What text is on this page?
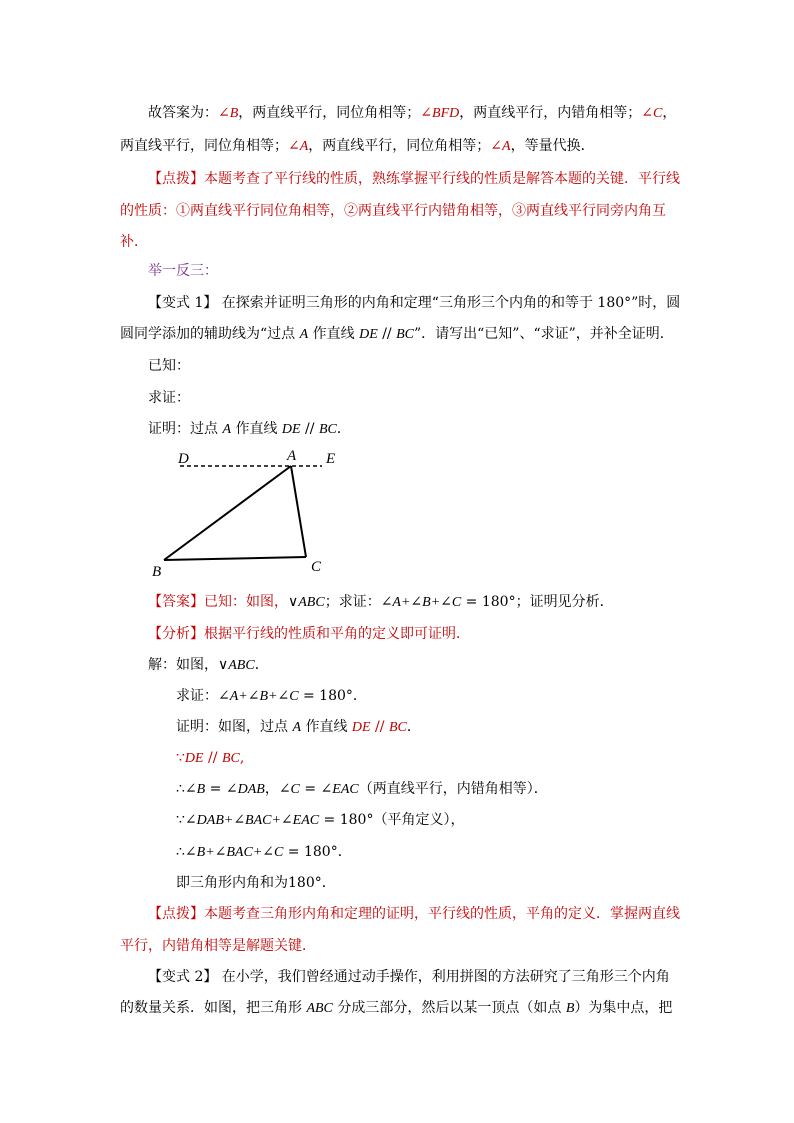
故答案为：∠B，两直线平行，同位角相等；∠BFD，两直线平行，内错角相等；∠C，
两直线平行，同位角相等；∠A，两直线平行，同位角相等；∠A，等量代换．
【点拨】本题考查了平行线的性质，熟练掌握平行线的性质是解答本题的关键．平行线
的性质：①两直线平行同位角相等，②两直线平行内错角相等，③两直线平行同旁内角互
补．
举一反三：
【变式 1】 在探索并证明三角形的内角和定理“三角形三个内角的和等于 180°”时，圆
圆同学添加的辅助线为“过点 A 作直线 DE // BC”．请写出“已知”、“求证”，并补全证明．
已知：
求证：
证明：过点 A 作直线 DE // BC．
D	A E
B	C
【答案】已知：如图，∨ABC；求证：∠A+∠B+∠C = 180°；证明见分析．
【分析】根据平行线的性质和平角的定义即可证明．
解：如图，∨ABC．
求证：∠A+∠B+∠C = 180°．
证明：如图，过点 A 作直线 DE // BC．
∵DE // BC,
∴∠B = ∠DAB，∠C = ∠EAC（两直线平行，内错角相等）．
∵∠DAB+∠BAC+∠EAC = 180°（平角定义），
∴∠B+∠BAC+∠C = 180°．
即三角形内角和为180°．
【点拨】本题考查三角形内角和定理的证明，平行线的性质，平角的定义．掌握两直线
平行，内错角相等是解题关键．
【变式 2】 在小学，我们曾经通过动手操作，利用拼图的方法研究了三角形三个内角
的数量关系．如图，把三角形 ABC 分成三部分，然后以某一顶点（如点 B）为集中点，把
